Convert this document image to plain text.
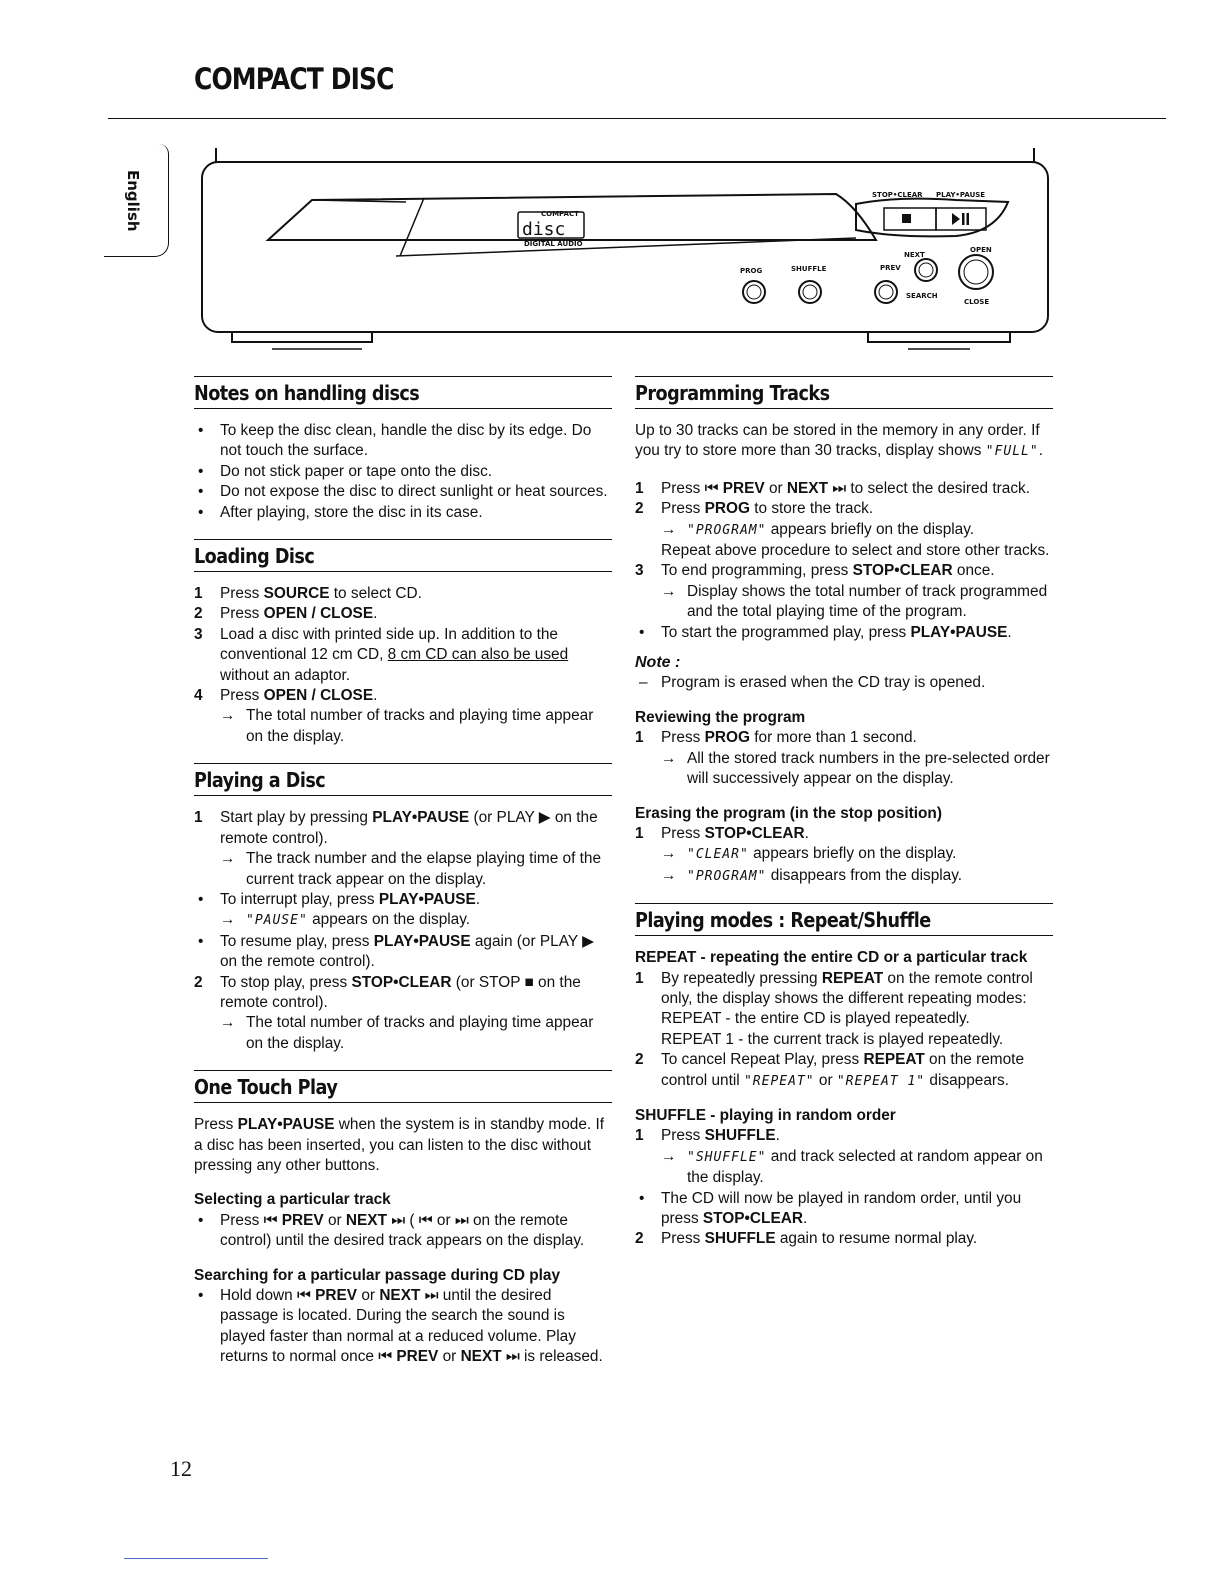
COMPACT DISC
English	COMPACT
disc
DIGITAL AUDIO
STOP•CLEAR PLAY•PAUSE
NEXT
OPEN
PROG	SHUFFLE	PREV
SEARCH
CLOSE
Notes on handling discs
•	To keep the disc clean, handle the disc by its edge. Do not touch the surface.

•	Do not stick paper or tape onto the disc.

•	Do not expose the disc to direct sunlight or heat sources.

•	After playing, store the disc in its case.

Loading Disc
1	Press SOURCE to select CD.

2	Press OPEN / CLOSE.

3	Load a disc with printed side up. In addition to the conventional 12 cm CD, 8 cm CD can also be used without an adaptor.

4	Press OPEN / CLOSE.

→ The total number of tracks and playing time appear on the display.

Playing a Disc
1	Start play by pressing PLAY•PAUSE (or PLAY ▶ on the remote control).

→ The track number and the elapse playing time of the current track appear on the display.

•	To interrupt play, press PLAY•PAUSE.

→ "PAUSE" appears on the display.

•	To resume play, press PLAY•PAUSE again (or PLAY ▶ on the remote control).

2	To stop play, press STOP•CLEAR (or STOP ■ on the remote control).

→ The total number of tracks and playing time appear on the display.

One Touch Play

Press PLAY•PAUSE when the system is in standby mode. If a disc has been inserted, you can listen to the disc without pressing any other buttons.

Selecting a particular track

•	Press ⏮ PREV or NEXT ⏭ ( ⏮ or ⏭ on the remote control) until the desired track appears on the display.

Searching for a particular passage during CD play

•	Hold down ⏮ PREV or NEXT ⏭ until the desired passage is located. During the search the sound is played faster than normal at a reduced volume. Play returns to normal once ⏮ PREV or NEXT ⏭ is released.

Programming Tracks

Up to 30 tracks can be stored in the memory in any order. If you try to store more than 30 tracks, display shows "FULL".

1	Press ⏮ PREV or NEXT ⏭ to select the desired track.

2	Press PROG to store the track.

→ "PROGRAM" appears briefly on the display.

Repeat above procedure to select and store other tracks.

3	To end programming, press STOP•CLEAR once.

→ Display shows the total number of track programmed and the total playing time of the program.

•	To start the programmed play, press PLAY•PAUSE.

Note :

– Program is erased when the CD tray is opened.

Reviewing the program

1	Press PROG for more than 1 second.

→ All the stored track numbers in the pre-selected order will successively appear on the display.

Erasing the program (in the stop position)

1	Press STOP•CLEAR.

→ "CLEAR" appears briefly on the display.

→ "PROGRAM" disappears from the display.

Playing modes : Repeat/Shuffle

REPEAT - repeating the entire CD or a particular track

1	By repeatedly pressing REPEAT on the remote control only, the display shows the different repeating modes:

REPEAT - the entire CD is played repeatedly.

REPEAT 1 - the current track is played repeatedly.

2	To cancel Repeat Play, press REPEAT on the remote control until "REPEAT" or "REPEAT 1" disappears.

SHUFFLE - playing in random order

1	Press SHUFFLE.

→ "SHUFFLE" and track selected at random appear on the display.

•	The CD will now be played in random order, until you press STOP•CLEAR.

2	Press SHUFFLE again to resume normal play.

12
